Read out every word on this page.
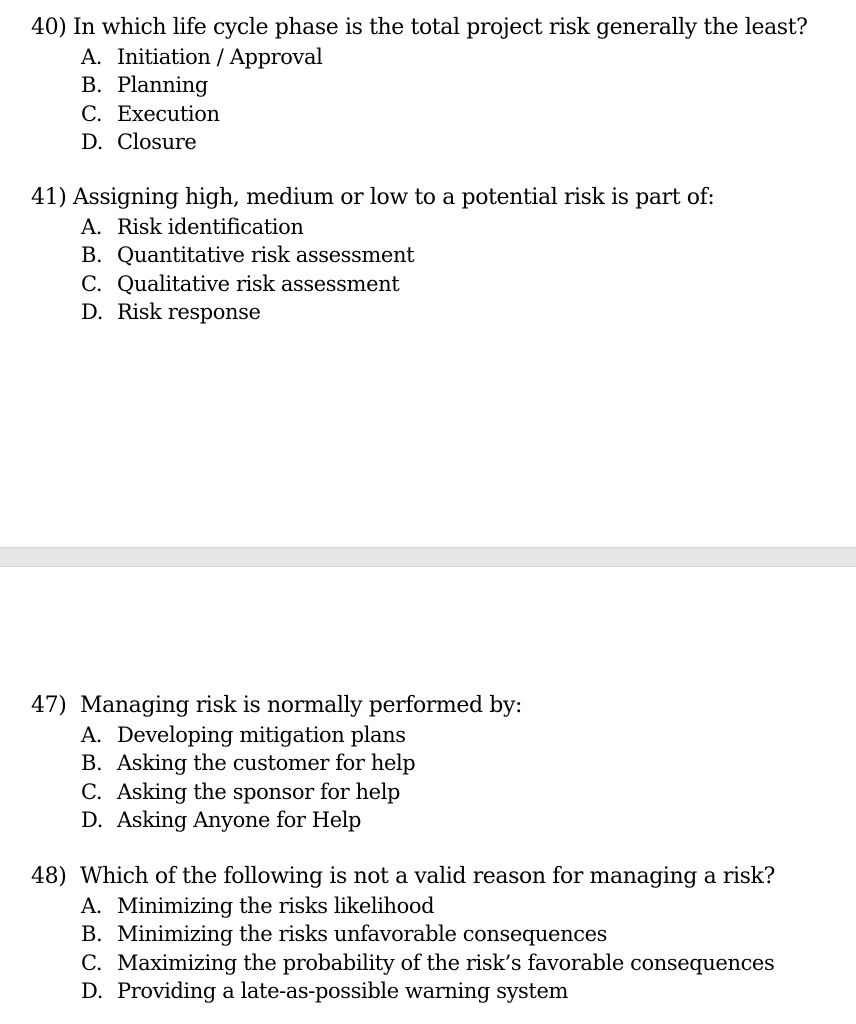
40) In which life cycle phase is the total project risk generally the least?
A. Initiation / Approval
B. Planning
C. Execution
D. Closure
41) Assigning high, medium or low to a potential risk is part of:
A. Risk identification
B. Quantitative risk assessment
C. Qualitative risk assessment
D. Risk response
47) Managing risk is normally performed by:
A. Developing mitigation plans
B. Asking the customer for help
C. Asking the sponsor for help
D. Asking Anyone for Help
48) Which of the following is not a valid reason for managing a risk?
A. Minimizing the risks likelihood
B. Minimizing the risks unfavorable consequences
C. Maximizing the probability of the risk’s favorable consequences
D. Providing a late-as-possible warning system
